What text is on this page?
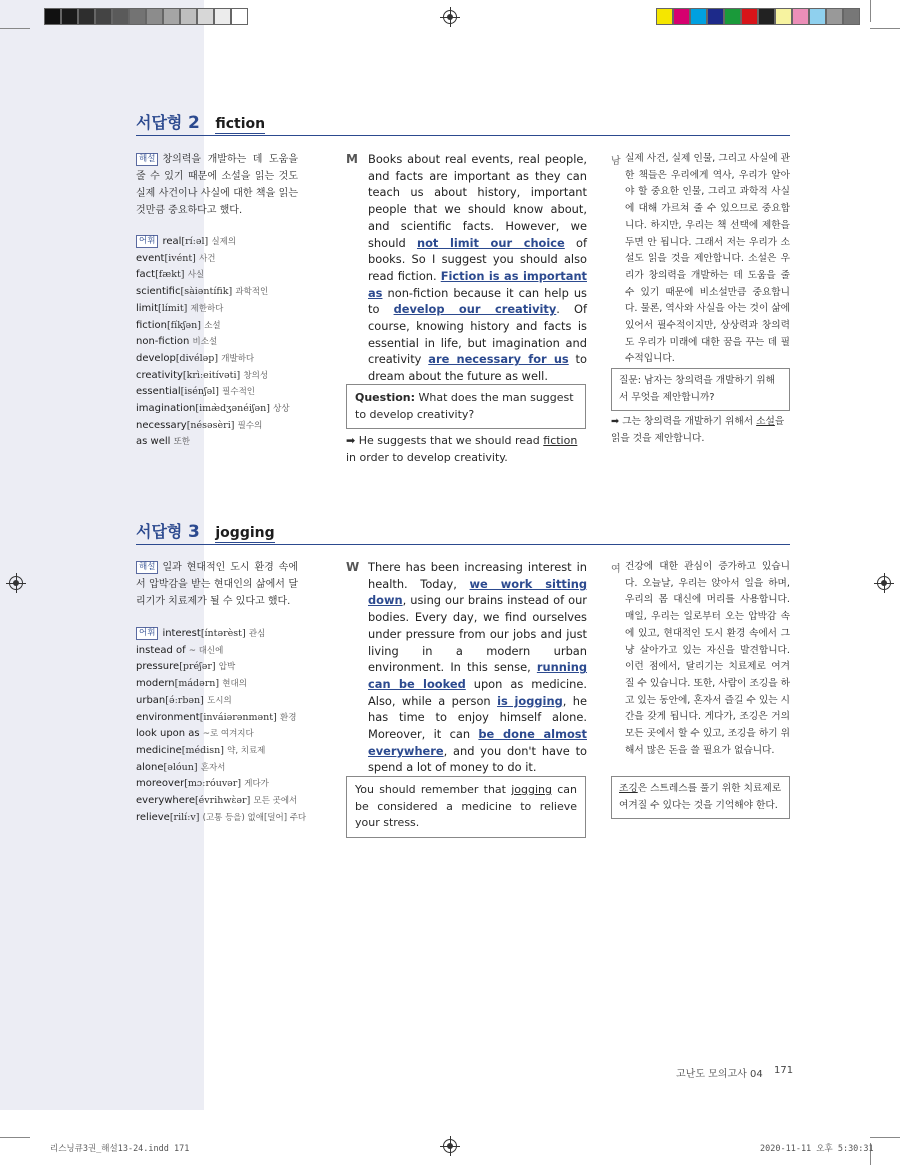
서답형 2 fiction
해설 창의력을 개발하는 데 도움을 줄 수 있기 때문에 소설을 읽는 것도 실제 사건이나 사실에 대한 책을 읽는 것만큼 중요하다고 했다.
어휘 real[ríːəl] 실제의
event[ivént] 사건
fact[fækt] 사실
scientific[sàiəntífik] 과학적인
limit[límit] 제한하다
fiction[fíkʃən] 소설
non-fiction 비소설
develop[divéləp] 개발하다
creativity[krìːeitívəti] 창의성
essential[isénʃəl] 필수적인
imagination[imæ̀dʒənéiʃən] 상상
necessary[nésəsèri] 필수의
as well 또한
M Books about real events, real people, and facts are important as they can teach us about history, important people that we should know about, and scientific facts. However, we should not limit our choice of books. So I suggest you should also read fiction. Fiction is as important as non-fiction because it can help us to develop our creativity. Of course, knowing history and facts is essential in life, but imagination and creativity are necessary for us to dream about the future as well.
Question: What does the man suggest to develop creativity?
➡ He suggests that we should read fiction in order to develop creativity.
남 실제 사건, 실제 인물, 그리고 사실에 관한 책들은 우리에게 역사, 우리가 알아야 할 중요한 인물, 그리고 과학적 사실에 대해 가르쳐 줄 수 있으므로 중요합니다. 하지만, 우리는 책 선택에 제한을 두면 안 됩니다. 그래서 저는 우리가 소설도 읽을 것을 제안합니다. 소설은 우리가 창의력을 개발하는 데 도움을 줄 수 있기 때문에 비소설만큼 중요합니다. 물론, 역사와 사실을 아는 것이 삶에 있어서 필수적이지만, 상상력과 창의력도 우리가 미래에 대한 꿈을 꾸는 데 필수적입니다.
질문: 남자는 창의력을 개발하기 위해서 무엇을 제안합니까?
➡ 그는 창의력을 개발하기 위해서 소설을 읽을 것을 제안합니다.
서답형 3 jogging
해설 일과 현대적인 도시 환경 속에서 압박감을 받는 현대인의 삶에서 달리기가 치료제가 될 수 있다고 했다.
어휘 interest[íntərèst] 관심
instead of ~ 대신에
pressure[préʃər] 압박
modern[mádərn] 현대의
urban[ə́ːrbən] 도시의
environment[inváiərənmənt] 환경
look upon as ~로 여겨지다
medicine[médisn] 약, 치료제
alone[əlóun] 혼자서
moreover[mɔːróuvər] 게다가
everywhere[évrihwɛ̀ər] 모든 곳에서
relieve[rilíːv] (고통 등을) 없애[덜어] 주다
W There has been increasing interest in health. Today, we work sitting down, using our brains instead of our bodies. Every day, we find ourselves under pressure from our jobs and just living in a modern urban environment. In this sense, running can be looked upon as medicine. Also, while a person is jogging, he has time to enjoy himself alone. Moreover, it can be done almost everywhere, and you don't have to spend a lot of money to do it.
You should remember that jogging can be considered a medicine to relieve your stress.
여 건강에 대한 관심이 증가하고 있습니다. 오늘날, 우리는 앉아서 일을 하며, 우리의 몸 대신에 머리를 사용합니다. 매일, 우리는 일로부터 오는 압박감 속에 있고, 현대적인 도시 환경 속에서 그냥 살아가고 있는 자신을 발견합니다. 이런 점에서, 달리기는 치료제로 여겨질 수 있습니다. 또한, 사람이 조깅을 하고 있는 동안에, 혼자서 즐길 수 있는 시간을 갖게 됩니다. 게다가, 조깅은 거의 모든 곳에서 할 수 있고, 조깅을 하기 위해서 많은 돈을 쓸 필요가 없습니다.
조깅은 스트레스를 풀기 위한 치료제로 여겨질 수 있다는 것을 기억해야 한다.
고난도 모의고사 04 171
리스닝큐3권_해설13-24.indd 171	2020-11-11 오후 5:30:31
